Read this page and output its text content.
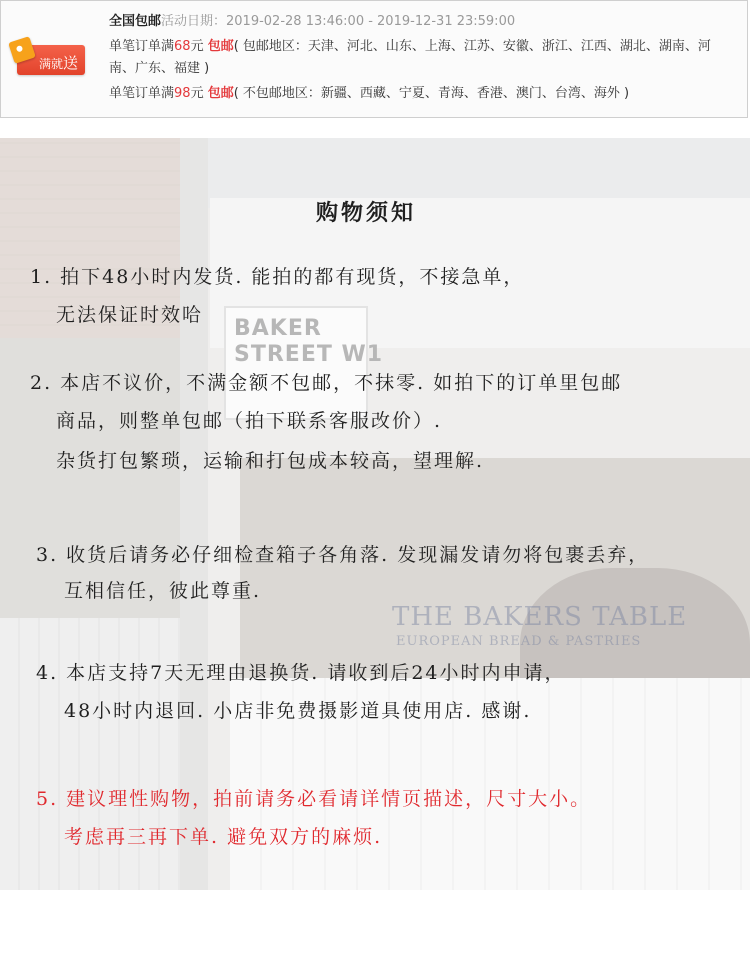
满就送
全国包邮活动日期：2019-02-28 13:46:00 - 2019-12-31 23:59:00
单笔订单满68元 包邮( 包邮地区：天津、河北、山东、上海、江苏、安徽、浙江、江西、湖北、湖南、河南、广东、福建 )
单笔订单满98元 包邮( 不包邮地区：新疆、西藏、宁夏、青海、香港、澳门、台湾、海外 )
THE BAKERS TABLE
EUROPEAN BREAD & PASTRIES
购物须知
1. 拍下48小时内发货. 能拍的都有现货，不接急单，
无法保证时效哈
2. 本店不议价，不满金额不包邮，不抹零. 如拍下的订单里包邮
商品，则整单包邮（拍下联系客服改价）.
杂货打包繁琐，运输和打包成本较高，望理解.
3. 收货后请务必仔细检查箱子各角落. 发现漏发请勿将包裹丢弃，
互相信任，彼此尊重.
4. 本店支持7天无理由退换货. 请收到后24小时内申请，
48小时内退回. 小店非免费摄影道具使用店. 感谢.
5. 建议理性购物，拍前请务必看请详情页描述，尺寸大小。
考虑再三再下单. 避免双方的麻烦.
